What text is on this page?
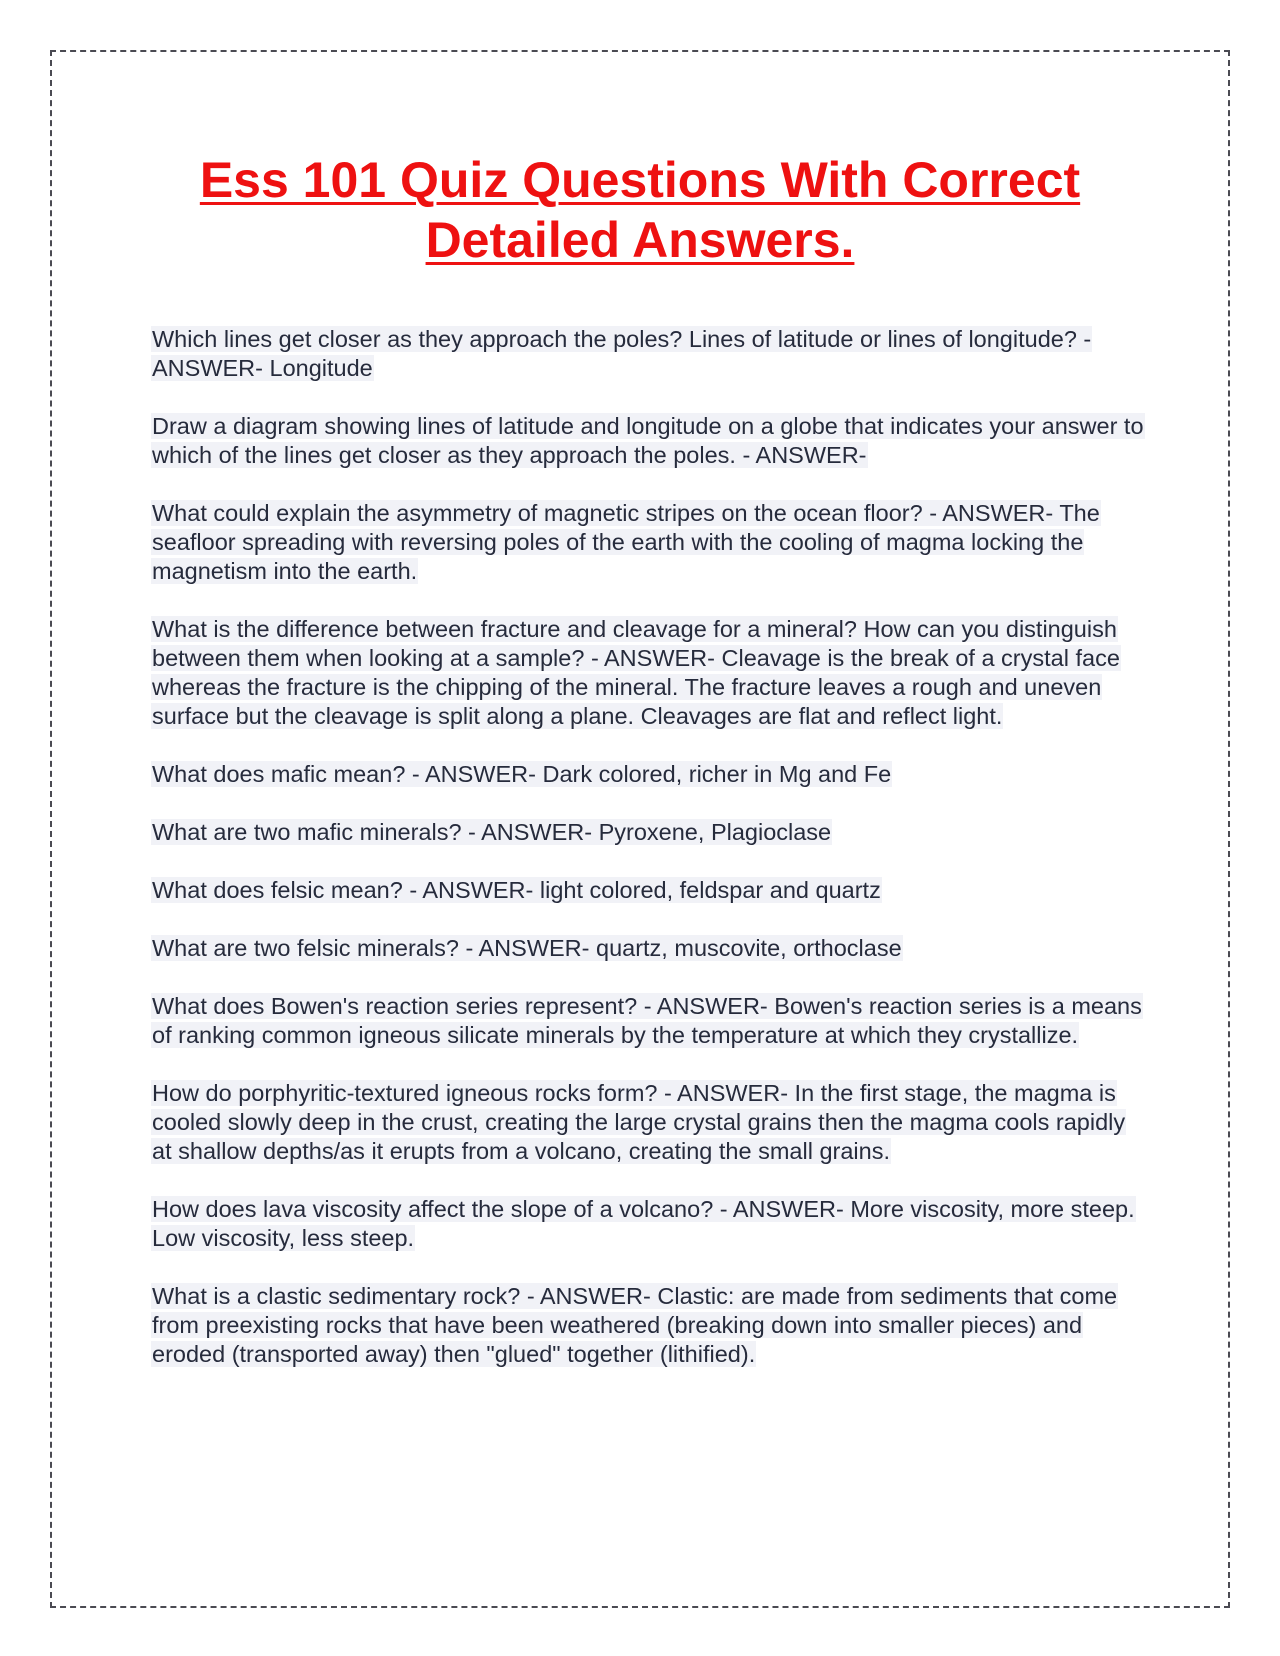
Ess 101 Quiz Questions With Correct Detailed Answers.
Which lines get closer as they approach the poles? Lines of latitude or lines of longitude? - ANSWER- Longitude
Draw a diagram showing lines of latitude and longitude on a globe that indicates your answer to which of the lines get closer as they approach the poles. - ANSWER-
What could explain the asymmetry of magnetic stripes on the ocean floor? - ANSWER- The seafloor spreading with reversing poles of the earth with the cooling of magma locking the magnetism into the earth.
What is the difference between fracture and cleavage for a mineral? How can you distinguish between them when looking at a sample? - ANSWER- Cleavage is the break of a crystal face whereas the fracture is the chipping of the mineral. The fracture leaves a rough and uneven surface but the cleavage is split along a plane. Cleavages are flat and reflect light.
What does mafic mean? - ANSWER- Dark colored, richer in Mg and Fe
What are two mafic minerals? - ANSWER- Pyroxene, Plagioclase
What does felsic mean? - ANSWER- light colored, feldspar and quartz
What are two felsic minerals? - ANSWER- quartz, muscovite, orthoclase
What does Bowen's reaction series represent? - ANSWER- Bowen's reaction series is a means of ranking common igneous silicate minerals by the temperature at which they crystallize.
How do porphyritic-textured igneous rocks form? - ANSWER- In the first stage, the magma is cooled slowly deep in the crust, creating the large crystal grains then the magma cools rapidly at shallow depths/as it erupts from a volcano, creating the small grains.
How does lava viscosity affect the slope of a volcano? - ANSWER- More viscosity, more steep. Low viscosity, less steep.
What is a clastic sedimentary rock? - ANSWER- Clastic: are made from sediments that come from preexisting rocks that have been weathered (breaking down into smaller pieces) and eroded (transported away) then "glued" together (lithified).
